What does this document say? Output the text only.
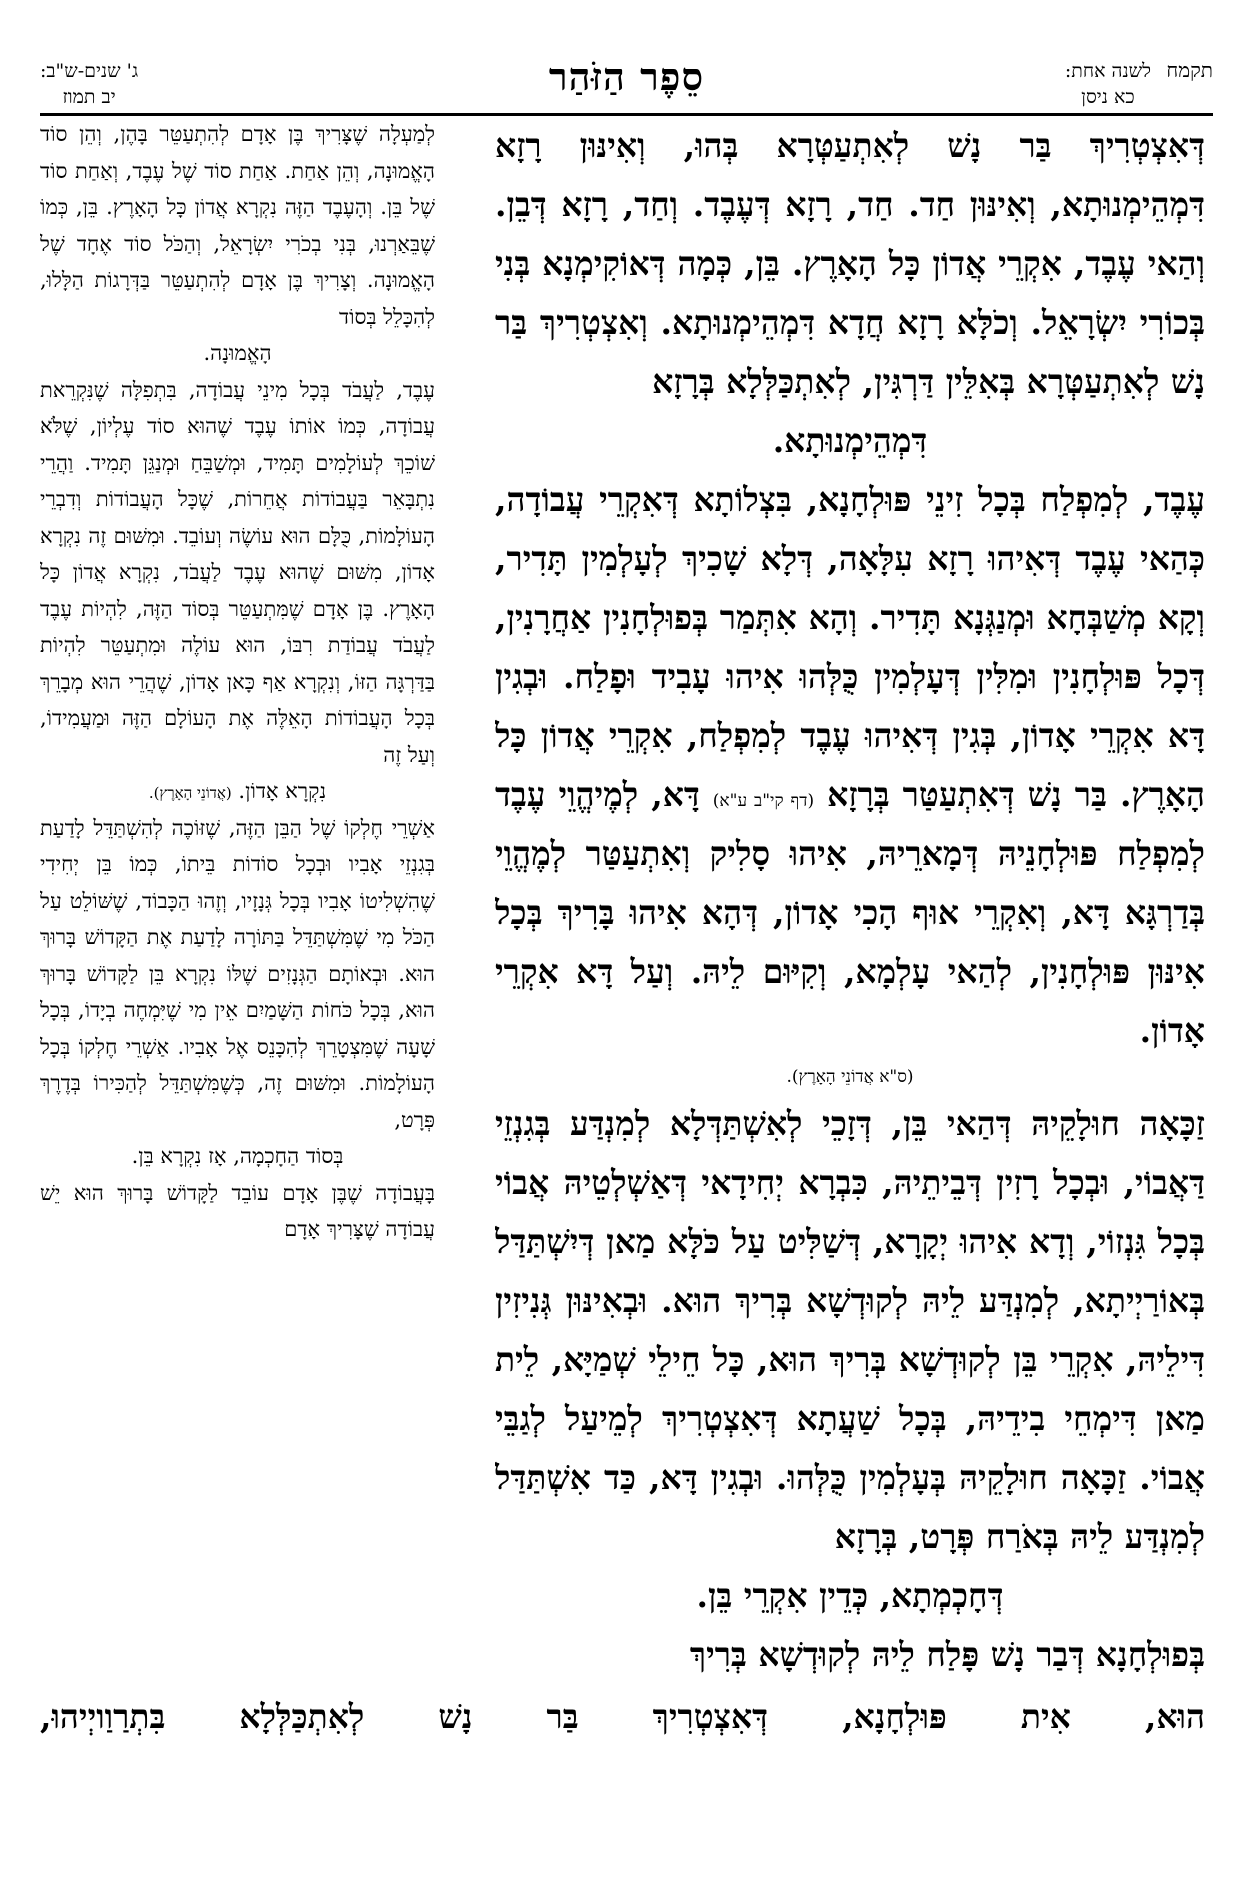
תקמח
לשנה אחת:
כא ניסן
סֵפֶר הַזֹּהַר
ג' שנים-ש"ב:
יב תמוז

דְּאִצְטְרִיךְ בַּר נָשׁ לְאִתְעַטְּרָא בְּהוּ, וְאִינּוּן רָזָא דִּמְהֵימְנוּתָא, וְאִינּוּן חַד. חַד, רָזָא דְּעֶבֶד. וְחַד, רָזָא דְּבֵן. וְהַאי עֶבֶד, אִקְרֵי אֲדוֹן כָּל הָאָרֶץ. בֵּן, כְּמָה דְּאוֹקִימְנָא בְּנִי בְּכוֹרִי יִשְׂרָאֵל. וְכֹלָּא רָזָא חֲדָא דִּמְהֵימְנוּתָא. וְאִצְטְרִיךְ בַּר נָשׁ לְאִתְעַטְּרָא בְּאִלֵּין דַּרְגִּין, לְאִתְכַּלְּלָא בְּרָזָא

דִּמְהֵימְנוּתָא.

עֶבֶד, לְמִפְלַח בְּכָל זִינֵי פּוּלְחָנָא, בִּצְלוֹתָא דְּאִקְרֵי עֲבוֹדָה, כְּהַאי עֶבֶד דְּאִיהוּ רָזָא עִלָּאָה, דְּלָא שָׁכִיךְ לְעָלְמִין תָּדִיר, וְקָא מְשַׁבְּחָא וּמְנַגְּנָא תָּדִיר. וְהָא אִתְּמַר בְּפוּלְחָנִין אַחֲרָנִין, דְּכָל פּוּלְחָנִין וּמִלִּין דְּעָלְמִין כֻּלְּהוּ אִיהוּ עָבִיד וּפָלַח. וּבְגִין דָּא אִקְרֵי אָדוֹן, בְּגִין דְּאִיהוּ עֶבֶד לְמִפְלַח, אִקְרֵי אֲדוֹן כָּל הָאָרֶץ. בַּר נָשׁ דְּאִתְעַטַּר בְּרָזָא (דף קי"ב ע"א) דָּא, לְמֶיהֱוֵי עֶבֶד לְמִפְלַח פּוּלְחָנֵיהּ דְּמָארֵיהּ, אִיהוּ סָלִיק וְאִתְעַטַּר לְמֶהֱוֵי בְּדַרְגָּא דָּא, וְאִקְרֵי אוּף הָכִי אָדוֹן, דְּהָא אִיהוּ בָּרִיךְ בְּכָל אִינּוּן פּוּלְחָנִין, לְהַאי עָלְמָא, וְקִיּוּם לֵיהּ. וְעַל דָּא אִקְרֵי אָדוֹן.

(ס"א אֲדוֹנֵי הָאָרֶץ).

זַכָּאָה חוּלָקֵיהּ דְּהַאי בֵּן, דְּזָכֵי לְאִשְׁתַּדְּלָא לְמִנְדַּע בְּגִנְזֵי דַּאֲבוֹי, וּבְכָל רָזִין דְּבֵיתֵיהּ, כִּבְרָא יְחִידָאי דְּאַשְׁלְטֵיהּ אֲבוֹי בְּכָל גִּנְזוֹי, וְדָא אִיהוּ יְקָרָא, דְּשַׁלִּיט עַל כֹּלָּא מַאן דְּיִשְׁתַּדַּל בְּאוֹרַיְיתָא, לְמִנְדַּע לֵיהּ לְקוּדְשָׁא בְּרִיךְ הוּא. וּבְאִינּוּן גְּנִיזִין דִּילֵיהּ, אִקְרֵי בֵּן לְקוּדְשָׁא בְּרִיךְ הוּא, כָּל חֵילֵי שְׁמַיָּא, לֵית מַאן דִּימְחֵי בִידֵיהּ, בְּכָל שַׁעֲתָא דְּאִצְטְרִיךְ לְמֵיעַל לְגַבֵּי אֲבוֹי. זַכָּאָה חוּלָקֵיהּ בְּעָלְמִין כֻּלְּהוּ. וּבְגִין דָּא, כַּד אִשְׁתַּדַּל לְמִנְדַּע לֵיהּ בְּאֹרַח פְּרָט, בְּרָזָא

דְּחָכְמְתָא, כְּדֵין אִקְרֵי בֵּן.

בְּפוּלְחָנָא דְּבַר נָשׁ פָּלַח לֵיהּ לְקוּדְשָׁא בְּרִיךְ

לְמַעְלָה שֶׁצָּרִיךְ בֶּן אָדָם לְהִתְעַטֵּר בָּהֶן, וְהֵן סוֹד הָאֱמוּנָה, וְהֵן אַחַת. אַחַת סוֹד שֶׁל עֶבֶד, וְאַחַת סוֹד שֶׁל בֵּן. וְהָעֶבֶד הַזֶּה נִקְרָא אֲדוֹן כָּל הָאָרֶץ. בֵּן, כְּמוֹ שֶׁבֵּאַרְנוּ, בְּנִי בְכֹרִי יִשְׂרָאֵל, וְהַכֹּל סוֹד אֶחָד שֶׁל הָאֱמוּנָה. וְצָרִיךְ בֶּן אָדָם לְהִתְעַטֵּר בַּדְּרָגוֹת הַלָּלוּ, לְהִכָּלֵל בְּסוֹד

הָאֱמוּנָה.

עֶבֶד, לַעֲבֹד בְּכָל מִינֵי עֲבוֹדָה, בִּתְפִלָּה שֶׁנִּקְרֵאת עֲבוֹדָה, כְּמוֹ אוֹתוֹ עֶבֶד שֶׁהוּא סוֹד עֶלְיוֹן, שֶׁלֹּא שׁוֹכֵךְ לְעוֹלָמִים תָּמִיד, וּמְשַׁבֵּחַ וּמְנַגֵּן תָּמִיד. וַהֲרֵי נִתְבָּאֵר בַּעֲבוֹדוֹת אֲחֵרוֹת, שֶׁכָּל הָעֲבוֹדוֹת וְדִבְרֵי הָעוֹלָמוֹת, כֻּלָּם הוּא עוֹשֶׂה וְעוֹבֵד. וּמִשּׁוּם זֶה נִקְרָא אָדוֹן, מִשּׁוּם שֶׁהוּא עֶבֶד לַעֲבֹד, נִקְרָא אֲדוֹן כָּל הָאָרֶץ. בֶּן אָדָם שֶׁמִּתְעַטֵּר בְּסוֹד הַזֶּה, לִהְיוֹת עֶבֶד לַעֲבֹד עֲבוֹדַת רִבּוֹ, הוּא עוֹלֶה וּמִתְעַטֵּר לִהְיוֹת בַּדַּרְגָּה הַזּוֹ, וְנִקְרָא אַף כָּאן אָדוֹן, שֶׁהֲרֵי הוּא מְבָרֵךְ בְּכָל הָעֲבוֹדוֹת הָאֵלֶּה אֶת הָעוֹלָם הַזֶּה וּמַעֲמִידוֹ, וְעַל זֶה

נִקְרָא אָדוֹן. (אֲדוֹנֵי הָאָרֶץ).

אַשְׁרֵי חֶלְקוֹ שֶׁל הַבֵּן הַזֶּה, שֶׁזּוֹכֶה לְהִשְׁתַּדֵּל לָדַעַת בְּגִנְזֵי אָבִיו וּבְכָל סוֹדוֹת בֵּיתוֹ, כְּמוֹ בֵּן יְחִידִי שֶׁהִשְׁלִיטוֹ אָבִיו בְּכָל גְּנָזָיו, וְזֶהוּ הַכָּבוֹד, שֶׁשּׁוֹלֵט עַל הַכֹּל מִי שֶׁמִּשְׁתַּדֵּל בַּתּוֹרָה לָדַעַת אֶת הַקָּדוֹשׁ בָּרוּךְ הוּא. וּבְאוֹתָם הַגְּנָזִים שֶׁלּוֹ נִקְרָא בֵּן לַקָּדוֹשׁ בָּרוּךְ הוּא, בְּכָל כֹּחוֹת הַשָּׁמַיִם אֵין מִי שֶׁיִּמְחֶה בְיָדוֹ, בְּכָל שָׁעָה שֶׁמִּצְטָרֵךְ לְהִכָּנֵס אֶל אָבִיו. אַשְׁרֵי חֶלְקוֹ בְּכָל הָעוֹלָמוֹת. וּמִשּׁוּם זֶה, כְּשֶׁמִּשְׁתַּדֵּל לְהַכִּירוֹ בְּדֶרֶךְ פְּרָט,

בְּסוֹד הַחָכְמָה, אָז נִקְרָא בֵּן.

בָּעֲבוֹדָה שֶׁבֶּן אָדָם עוֹבֵד לַקָּדוֹשׁ בָּרוּךְ הוּא יֵשׁ עֲבוֹדָה שֶׁצָּרִיךְ אָדָם

הוּא, אִית פּוּלְחָנָא, דְּאִצְטְרִיךְ בַּר נָשׁ לְאִתְכַּלְּלָא בִּתְרַוַויְיהוּ,
